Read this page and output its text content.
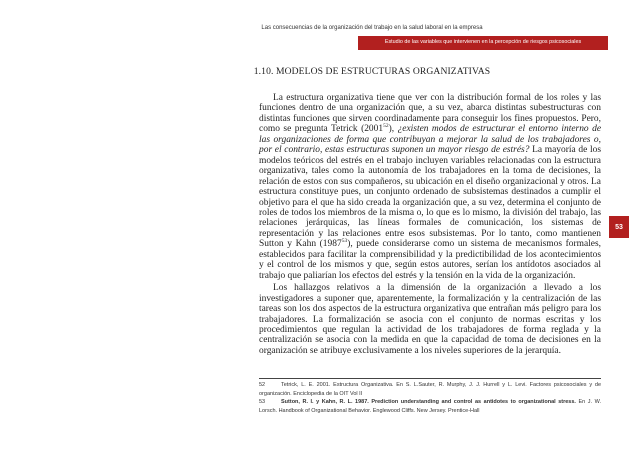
Las consecuencias de la organización del trabajo en la salud laboral en la empresa
Estudio de las variables que intervienen en la percepción de riesgos psicosociales
1.10. MODELOS DE ESTRUCTURAS ORGANIZATIVAS

La estructura organizativa tiene que ver con la distribución formal de los roles y las funciones dentro de una organización que, a su vez, abarca distintas subestructuras con distintas funciones que sirven coordinadamente para conseguir los fines propuestos. Pero, como se pregunta Tetrick (2001$^{52}$), ¿existen modos de estructurar el entorno interno de las organizaciones de forma que contribuyan a mejorar la salud de los trabajadores o, por el contrario, estas estructuras suponen un mayor riesgo de estrés? La mayoría de los modelos teóricos del estrés en el trabajo incluyen variables relacionadas con la estructura organizativa, tales como la autonomía de los trabajadores en la toma de decisiones, la relación de estos con sus compañeros, su ubicación en el diseño organizacional y otros. La estructura constituye pues, un conjunto ordenado de subsistemas destinados a cumplir el objetivo para el que ha sido creada la organización que, a su vez, determina el conjunto de roles de todos los miembros de la misma o, lo que es lo mismo, la división del trabajo, las relaciones jerárquicas, las líneas formales de comunicación, los sistemas de representación y las relaciones entre esos subsistemas. Por lo tanto, como mantienen Sutton y Kahn (1987$^{53}$), puede considerarse como un sistema de mecanismos formales, establecidos para facilitar la comprensibilidad y la predictibilidad de los acontecimientos y el control de los mismos y que, según estos autores, serían los antídotos asociados al trabajo que paliarían los efectos del estrés y la tensión en la vida de la organización.

Los hallazgos relativos a la dimensión de la organización a llevado a los investigadores a suponer que, aparentemente, la formalización y la centralización de las tareas son los dos aspectos de la estructura organizativa que entrañan más peligro para los trabajadores. La formalización se asocia con el conjunto de normas escritas y los procedimientos que regulan la actividad de los trabajadores de forma reglada y la centralización se asocia con la medida en que la capacidad de toma de decisiones en la organización se atribuye exclusivamente a los niveles superiores de la jerarquía.

52	Tetrick, L. E. 2001. Estructura Organizativa. En S. L.Sauter, R. Murphy, J. J. Hurrell y L. Levi. Factores psicosociales y de organización. Enciclopedia de la OIT Vol II

53	Sutton, R. I. y Kahn, R. L. 1987. Prediction understanding and control as antidotes to organizational stress. En J. W. Lorsch. Handbook of Organizational Behavior. Englewood Cliffs. New Jersey. Prentice-Hall

53
